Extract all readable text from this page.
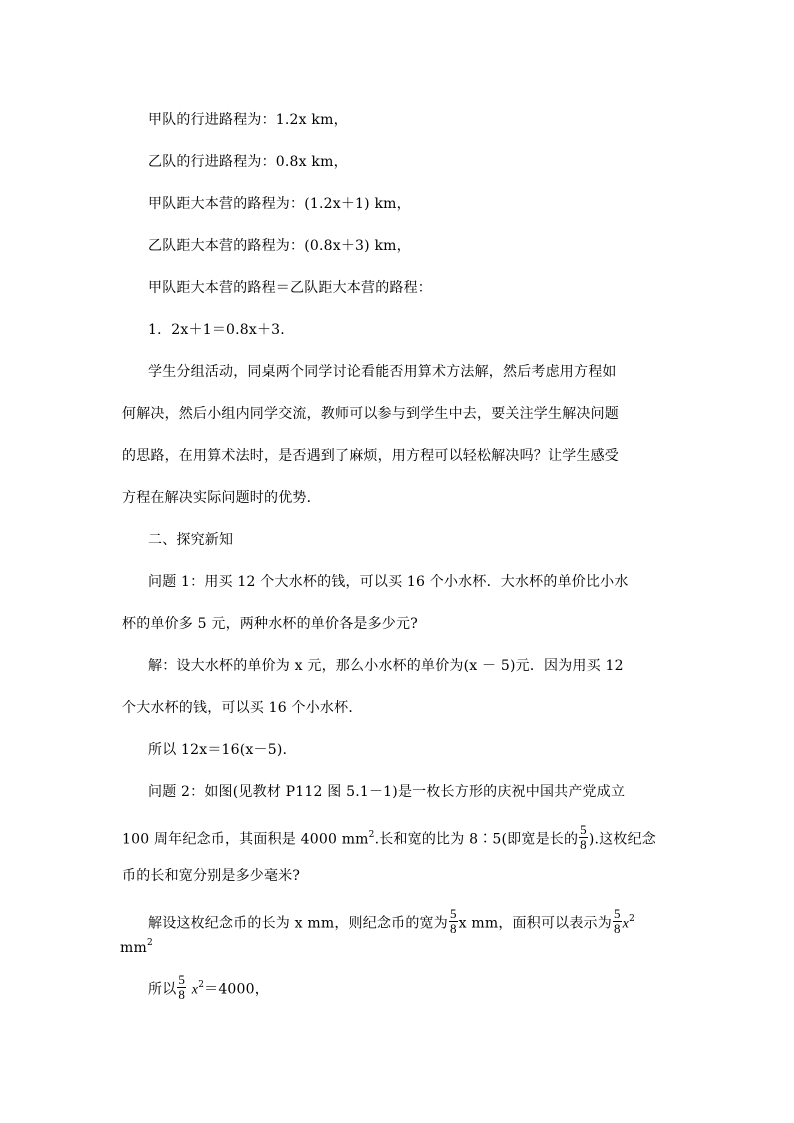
甲队的行进路程为：1.2x km，
乙队的行进路程为：0.8x km，
甲队距大本营的路程为：(1.2x＋1) km，
乙队距大本营的路程为：(0.8x＋3) km，
甲队距大本营的路程＝乙队距大本营的路程：
1．2x＋1＝0.8x＋3.
学生分组活动，同桌两个同学讨论看能否用算术方法解，然后考虑用方程如
何解决，然后小组内同学交流，教师可以参与到学生中去，要关注学生解决问题
的思路，在用算术法时，是否遇到了麻烦，用方程可以轻松解决吗？让学生感受
方程在解决实际问题时的优势．
二、探究新知
问题 1：用买 12 个大水杯的钱，可以买 16 个小水杯．大水杯的单价比小水
杯的单价多 5 元，两种水杯的单价各是多少元?
解：设大水杯的单价为 x 元，那么小水杯的单价为(x － 5)元．因为用买 12
个大水杯的钱，可以买 16 个小水杯．
所以 12x＝16(x－5).
问题 2：如图(见教材 P112 图 5.1－1)是一枚长方形的庆祝中国共产党成立
100 周年纪念币，其面积是 4000 $mm^2$.长和宽的比为 8∶5(即宽是长的 $\frac{5}{8}$ ).这枚纪念
币的长和宽分别是多少毫米?
解设这枚纪念币的长为 x mm，则纪念币的宽为 $\frac{5}{8}$ x mm，面积可以表示为 $\frac{5}{8} x^2$
$mm^2$
所以 $\frac{5}{8} x^2=4000$，
